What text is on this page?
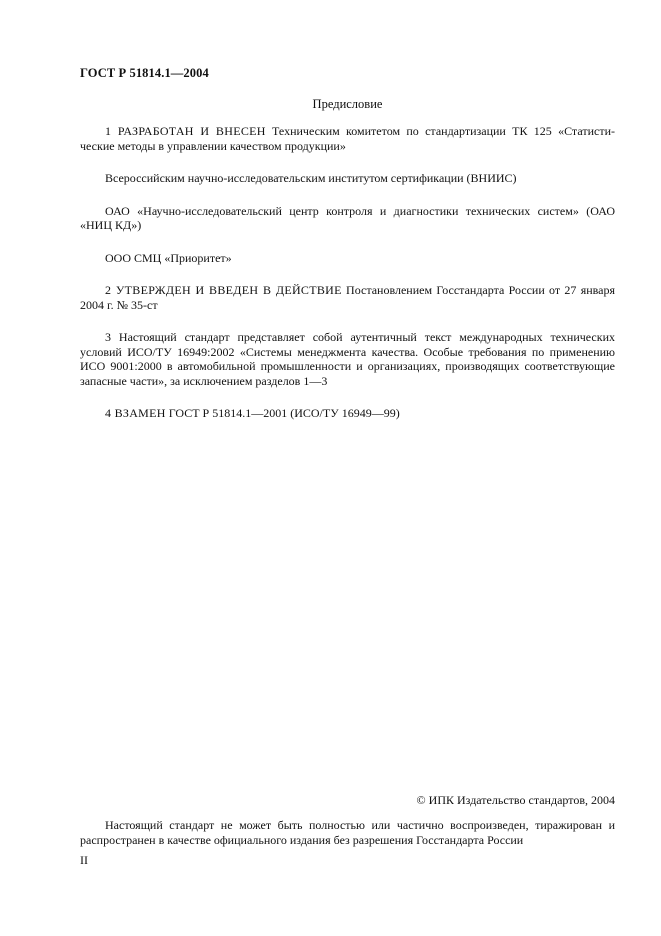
ГОСТ Р 51814.1—2004
Предисловие

1 РАЗРАБОТАН И ВНЕСЕН Техническим комитетом по стандартизации ТК 125 «Статисти-ческие методы в управлении качеством продукции»

Всероссийским научно-исследовательским институтом сертификации (ВНИИС)

ОАО «Научно-исследовательский центр контроля и диагностики технических систем» (ОАО «НИЦ КД»)

ООО СМЦ «Приоритет»

2 УТВЕРЖДЕН И ВВЕДЕН В ДЕЙСТВИЕ Постановлением Госстандарта России от 27 января 2004 г. № 35-ст

3 Настоящий стандарт представляет собой аутентичный текст международных технических условий ИСО/ТУ 16949:2002 «Системы менеджмента качества. Особые требования по применению ИСО 9001:2000 в автомобильной промышленности и организациях, производящих соответствующие запасные части», за исключением разделов 1—3

4 ВЗАМЕН ГОСТ Р 51814.1—2001 (ИСО/ТУ 16949—99)

© ИПК Издательство стандартов, 2004

Настоящий стандарт не может быть полностью или частично воспроизведен, тиражирован и распространен в качестве официального издания без разрешения Госстандарта России

II
